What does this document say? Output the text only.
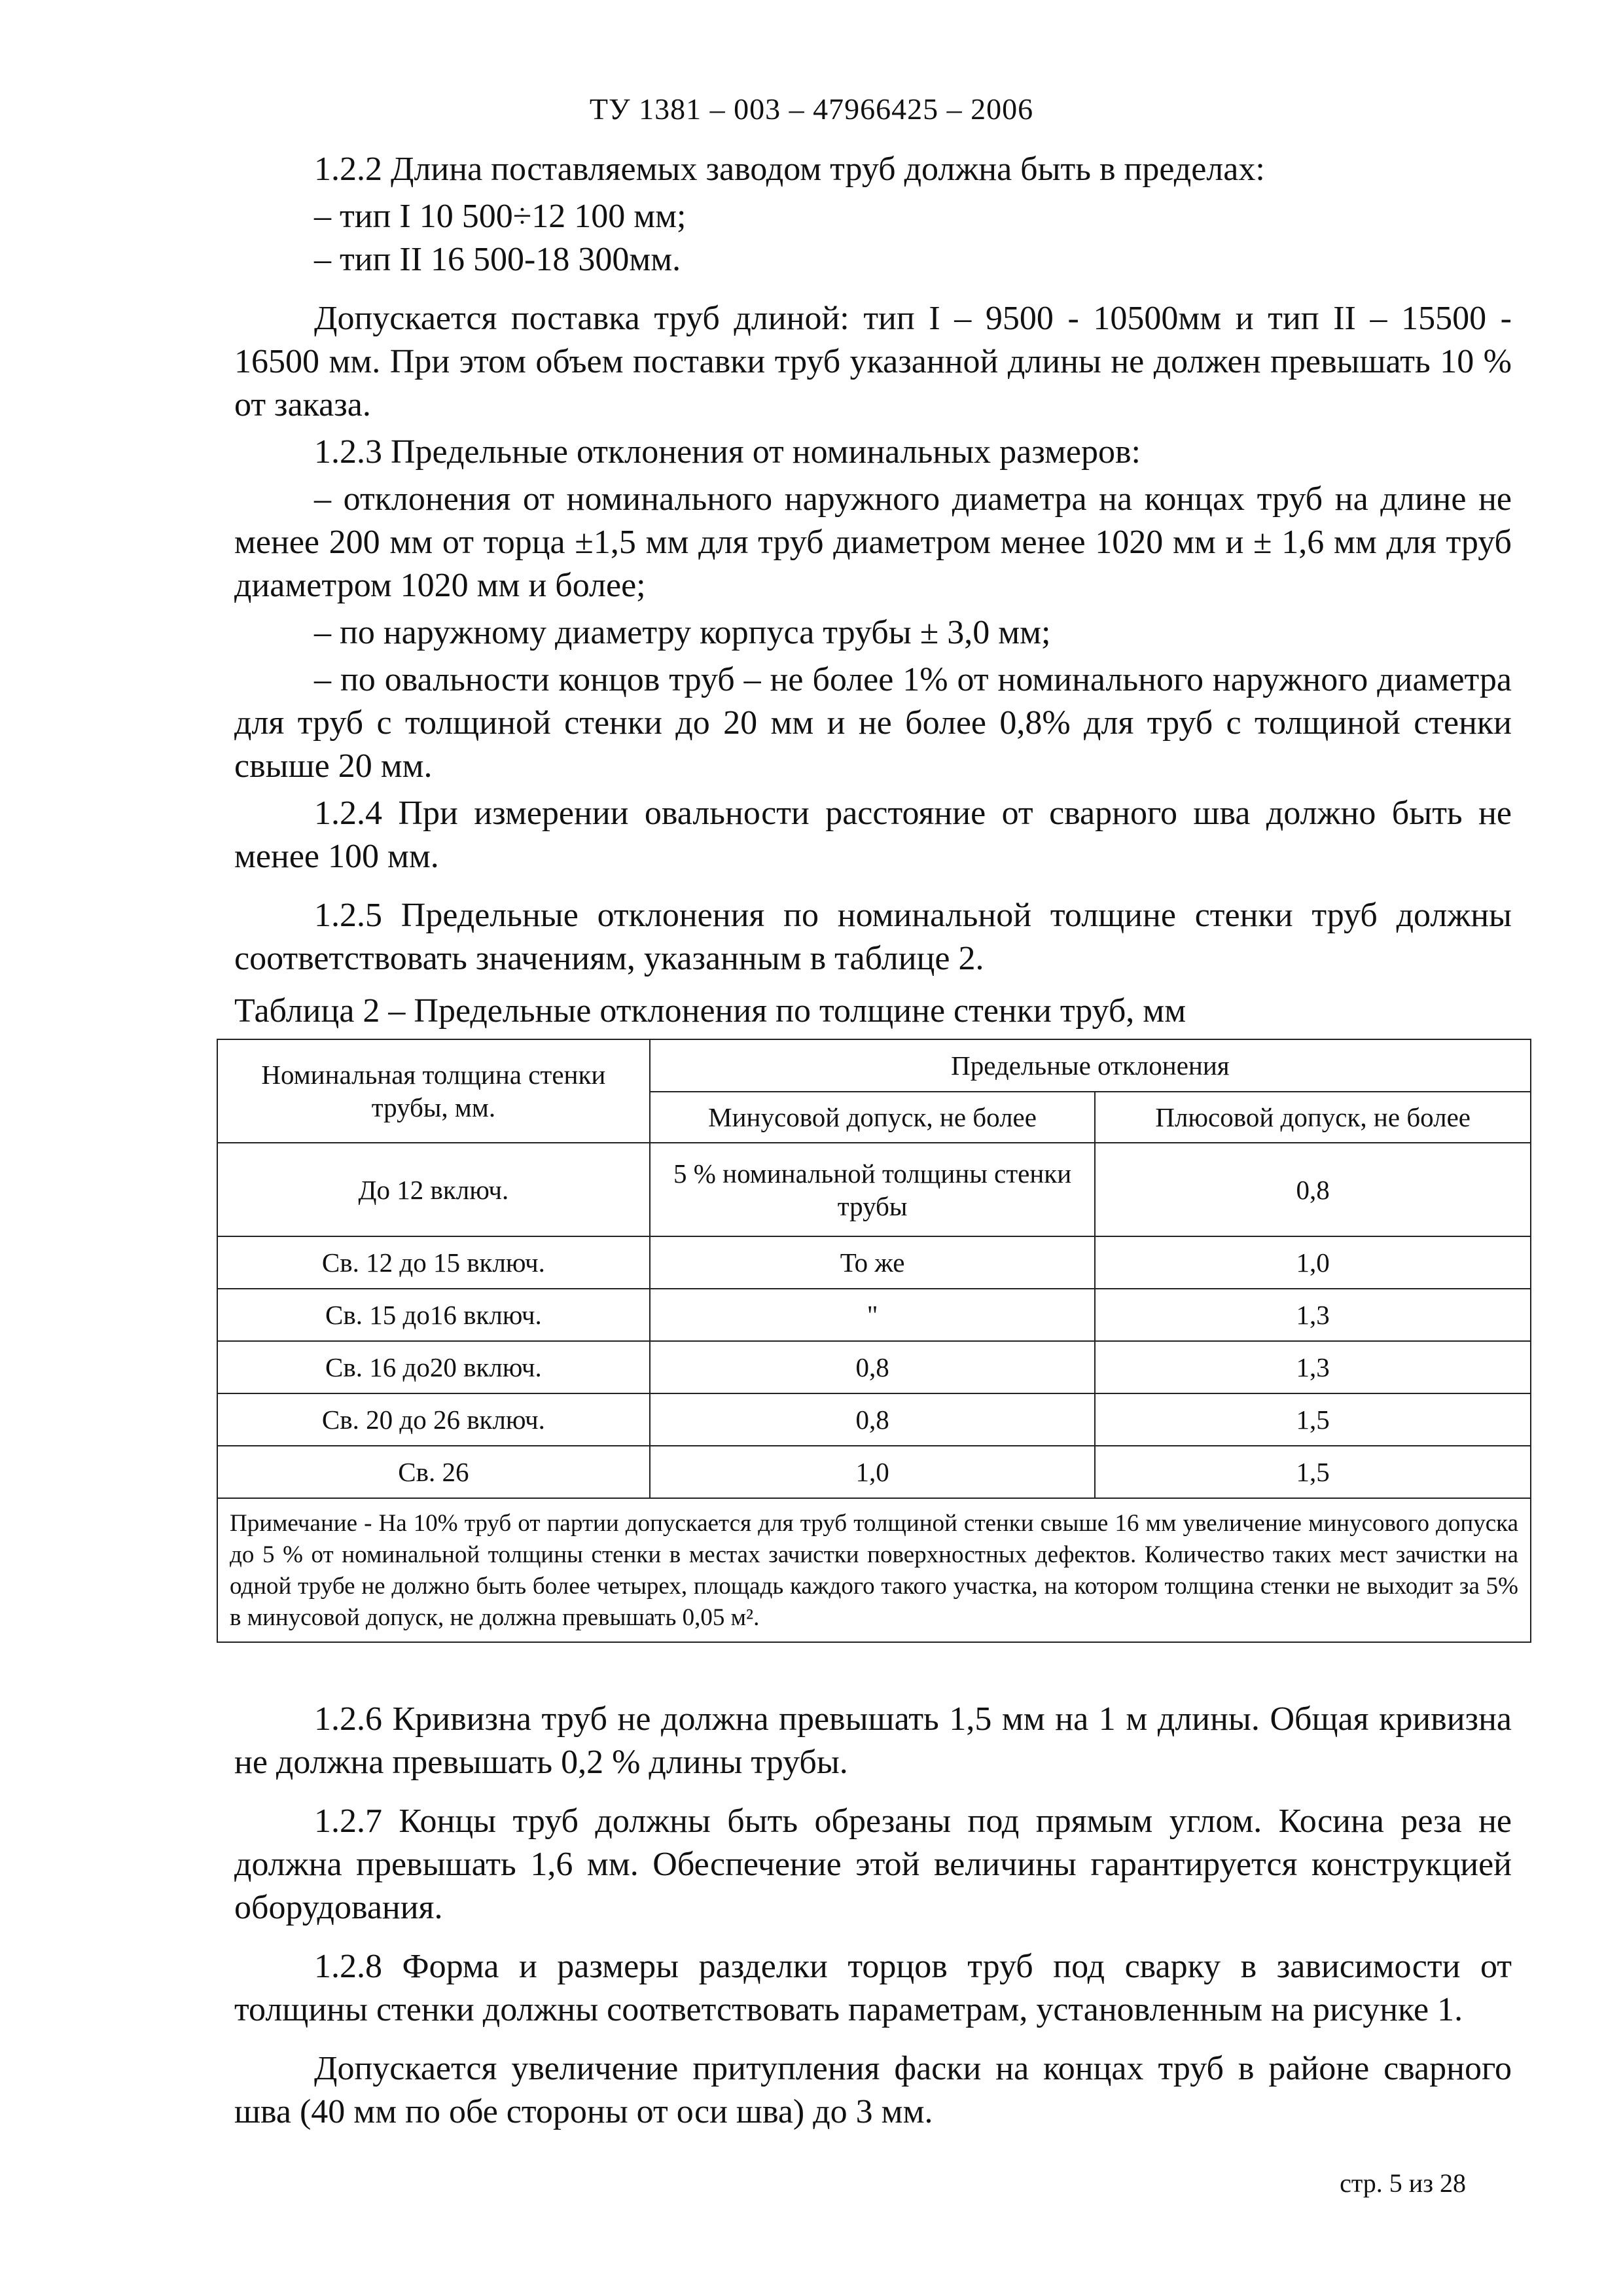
ТУ 1381 – 003 – 47966425 – 2006

1.2.2 Длина поставляемых заводом труб должна быть в пределах:

– тип I 10 500÷12 100 мм;

– тип II 16 500-18 300мм.

Допускается поставка труб длиной: тип I – 9500 - 10500мм и тип II – 15500 - 16500 мм. При этом объем поставки труб указанной длины не должен превышать 10 % от заказа.

1.2.3 Предельные отклонения от номинальных размеров:

– отклонения от номинального наружного диаметра на концах труб на длине не менее 200 мм от торца ±1,5 мм для труб диаметром менее 1020 мм и ± 1,6 мм для труб диаметром 1020 мм и более;

– по наружному диаметру корпуса трубы ± 3,0 мм;

– по овальности концов труб – не более 1% от номинального наружного диаметра для труб с толщиной стенки до 20 мм и не более 0,8% для труб с толщиной стенки свыше 20 мм.

1.2.4 При измерении овальности расстояние от сварного шва должно быть не менее 100 мм.

1.2.5 Предельные отклонения по номинальной толщине стенки труб должны соответствовать значениям, указанным в таблице 2.

Таблица 2 – Предельные отклонения по толщине стенки труб, мм
Номинальная толщина стенки трубы, мм.	Предельные отклонения	
	Минусовой допуск, не более	Плюсовой допуск, не более
До 12 включ.	5 % номинальной толщины стенки трубы	0,8
Св. 12 до 15 включ.	То же	1,0
Св. 15 до16 включ.	"	1,3
Св. 16 до20 включ.	0,8	1,3
Св. 20 до 26 включ.	0,8	1,5
Св. 26	1,0	1,5
Примечание - На 10% труб от партии допускается для труб толщиной стенки свыше 16 мм увеличение минусового допуска до 5 % от номинальной толщины стенки в местах зачистки поверхностных дефектов. Количество таких мест зачистки на одной трубе не должно быть более четырех, площадь каждого такого участка, на котором толщина стенки не выходит за 5% в минусовой допуск, не должна превышать 0,05 м².		

1.2.6 Кривизна труб не должна превышать 1,5 мм на 1 м длины. Общая кривизна не должна превышать 0,2 % длины трубы.

1.2.7 Концы труб должны быть обрезаны под прямым углом. Косина реза не должна превышать 1,6 мм. Обеспечение этой величины гарантируется конструкцией оборудования.

1.2.8 Форма и размеры разделки торцов труб под сварку в зависимости от толщины стенки должны соответствовать параметрам, установленным на рисунке 1.

Допускается увеличение притупления фаски на концах труб в районе сварного шва (40 мм по обе стороны от оси шва) до 3 мм.

стр. 5 из 28
